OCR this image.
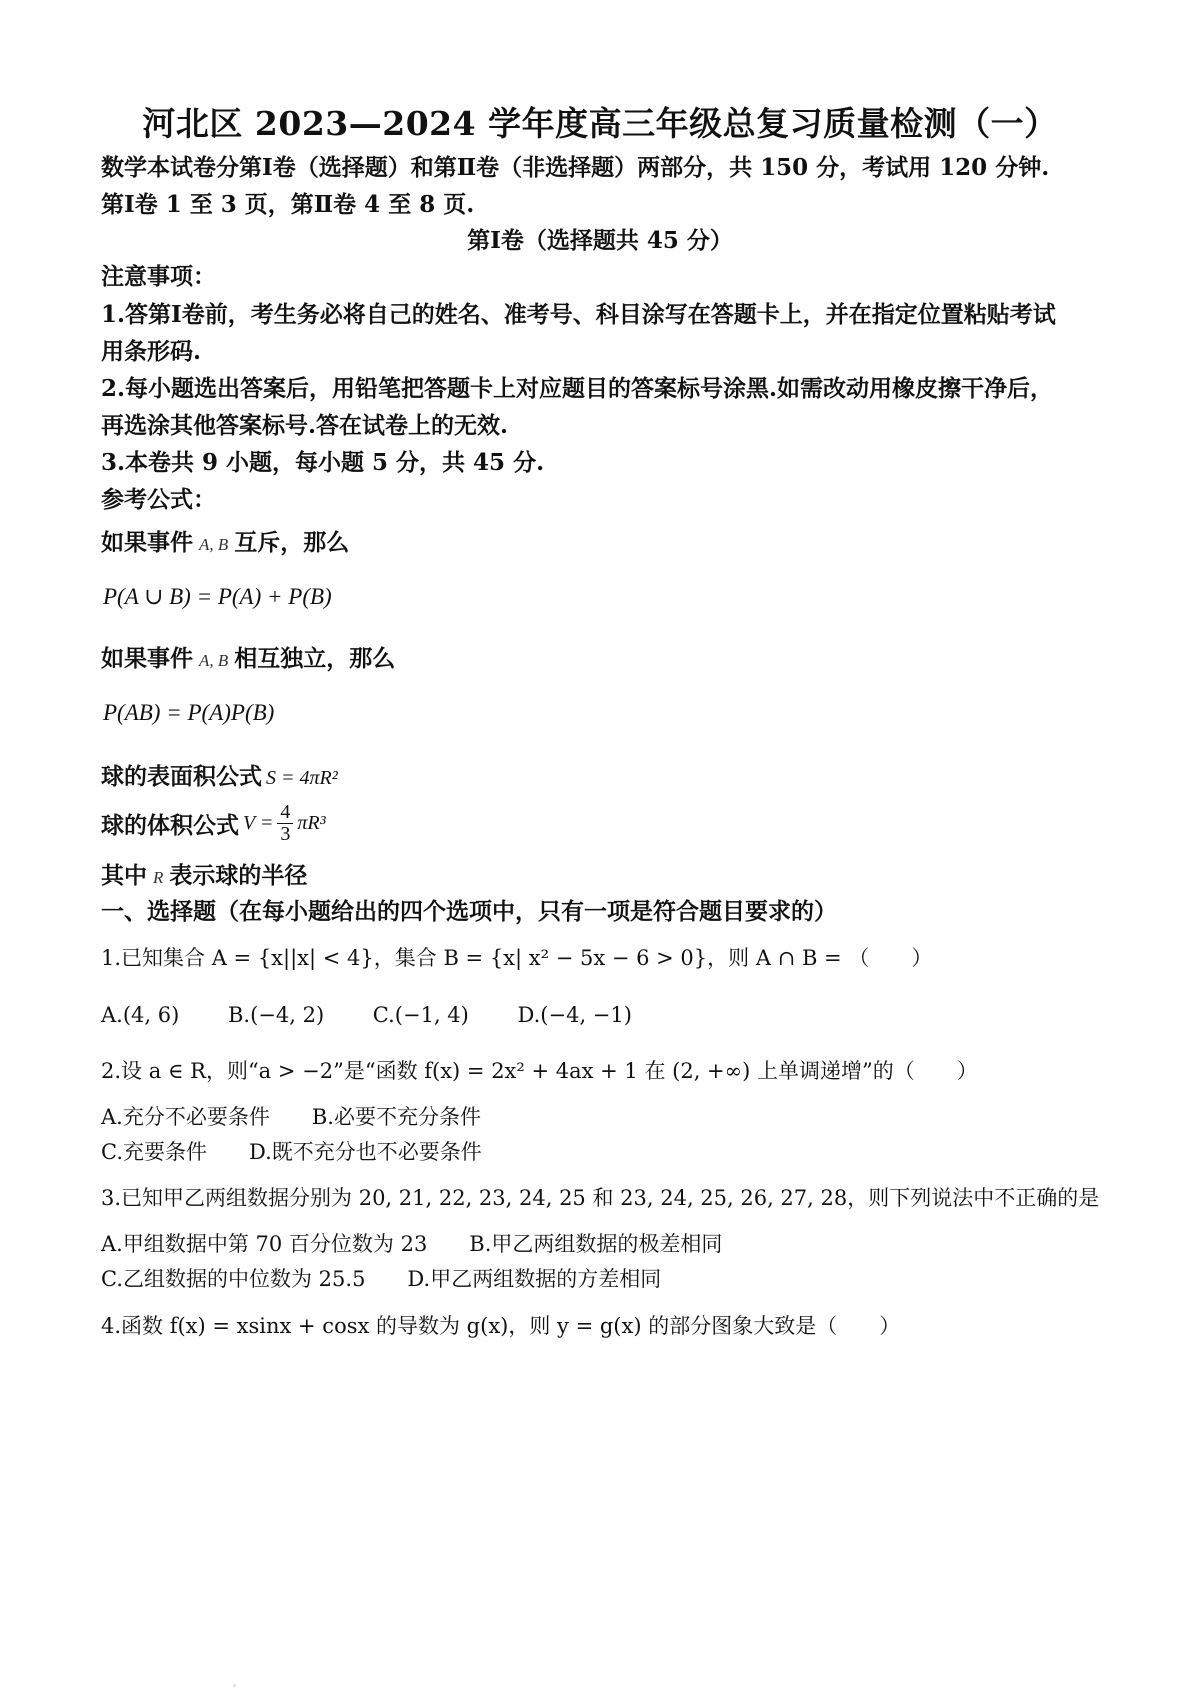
河北区 2023—2024 学年度高三年级总复习质量检测（一）
数学本试卷分第Ⅰ卷（选择题）和第Ⅱ卷（非选择题）两部分，共 150 分，考试用 120 分钟.
第Ⅰ卷 1 至 3 页，第Ⅱ卷 4 至 8 页.
第Ⅰ卷（选择题共 45 分）
注意事项：
1.答第Ⅰ卷前，考生务必将自己的姓名、准考号、科目涂写在答题卡上，并在指定位置粘贴考试
用条形码.
2.每小题选出答案后，用铅笔把答题卡上对应题目的答案标号涂黑.如需改动用橡皮擦干净后，
再选涂其他答案标号.答在试卷上的无效.
3.本卷共 9 小题，每小题 5 分，共 45 分.
参考公式：
如果事件 A, B 互斥，那么
P(A ∪ B) = P(A) + P(B)
如果事件 A, B 相互独立，那么
P(AB) = P(A)P(B)
球的表面积公式 S = 4πR²
球的体积公式 $V = \frac{4}{3} \pi R^3$
其中 R 表示球的半径
一、选择题（在每小题给出的四个选项中，只有一项是符合题目要求的）
1.已知集合 A = {x||x| < 4}，集合 B = {x| x² − 5x − 6 > 0}，则 A ∩ B = （　　）
A.(4, 6)　　 B.(−4, 2)　　 C.(−1, 4)　　 D.(−4, −1)
2.设 a ∈ R，则“a > −2”是“函数 f(x) = 2x² + 4ax + 1 在 (2, +∞) 上单调递增”的（　　）
A.充分不必要条件　　B.必要不充分条件
C.充要条件　　D.既不充分也不必要条件
3.已知甲乙两组数据分别为 20, 21, 22, 23, 24, 25 和 23, 24, 25, 26, 27, 28，则下列说法中不正确的是
A.甲组数据中第 70 百分位数为 23　　B.甲乙两组数据的极差相同
C.乙组数据的中位数为 25.5　　D.甲乙两组数据的方差相同
4.函数 f(x) = xsinx + cosx 的导数为 g(x)，则 y = g(x) 的部分图象大致是（　　）
